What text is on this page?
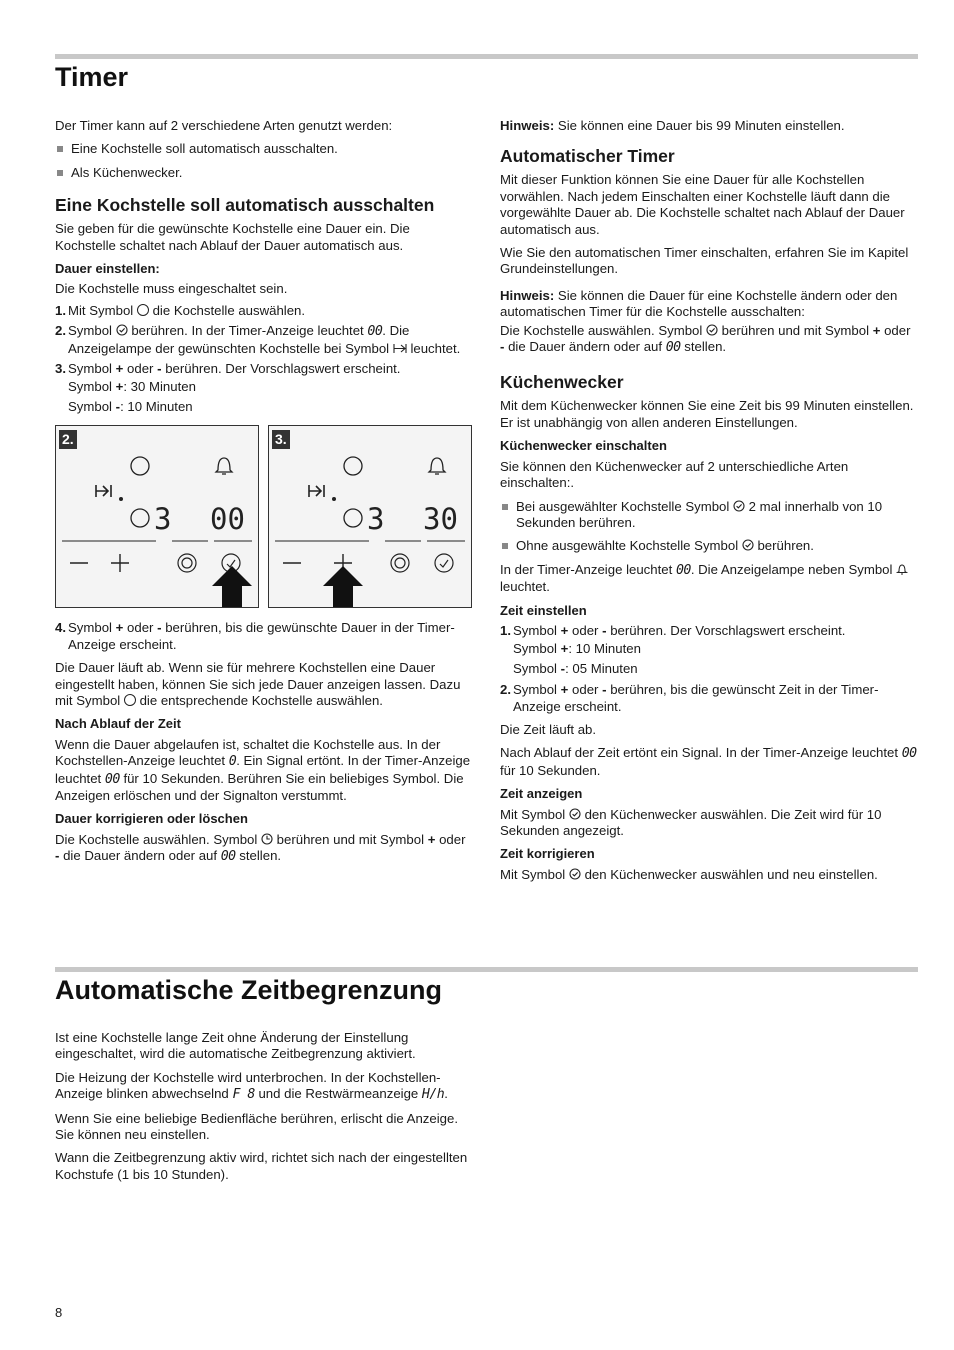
Timer

Der Timer kann auf 2 verschiedene Arten genutzt werden:

Eine Kochstelle soll automatisch ausschalten.
Als Küchenwecker.
Eine Kochstelle soll automatisch ausschalten

Sie geben für die gewünschte Kochstelle eine Dauer ein. Die Kochstelle schaltet nach Ablauf der Dauer automatisch aus.

Dauer einstellen:

Die Kochstelle muss eingeschaltet sein.

1. Mit Symbol die Kochstelle auswählen.
2. Symbol berühren. In der Timer-Anzeige leuchtet 00. Die Anzeigelampe der gewünschten Kochstelle bei Symbol leuchtet.
3. Symbol + oder - berühren. Der Vorschlagswert erscheint.
Symbol +: 30 Minuten
Symbol -: 10 Minuten
3 00
2.
3 30
3.
4. Symbol + oder - berühren, bis die gewünschte Dauer in der Timer-Anzeige erscheint.

Die Dauer läuft ab. Wenn sie für mehrere Kochstellen eine Dauer eingestellt haben, können Sie sich jede Dauer anzeigen lassen. Dazu mit Symbol die entsprechende Kochstelle auswählen.

Nach Ablauf der Zeit

Wenn die Dauer abgelaufen ist, schaltet die Kochstelle aus. In der Kochstellen-Anzeige leuchtet 0. Ein Signal ertönt. In der Timer-Anzeige leuchtet 00 für 10 Sekunden. Berühren Sie ein beliebiges Symbol. Die Anzeigen erlöschen und der Signalton verstummt.

Dauer korrigieren oder löschen

Die Kochstelle auswählen. Symbol berühren und mit Symbol + oder - die Dauer ändern oder auf 00 stellen.

Hinweis: Sie können eine Dauer bis 99 Minuten einstellen.

Automatischer Timer

Mit dieser Funktion können Sie eine Dauer für alle Kochstellen vorwählen. Nach jedem Einschalten einer Kochstelle läuft dann die vorgewählte Dauer ab. Die Kochstelle schaltet nach Ablauf der Dauer automatisch aus.

Wie Sie den automatischen Timer einschalten, erfahren Sie im Kapitel Grundeinstellungen.

Hinweis: Sie können die Dauer für eine Kochstelle ändern oder den automatischen Timer für die Kochstelle ausschalten:

Die Kochstelle auswählen. Symbol berühren und mit Symbol + oder - die Dauer ändern oder auf 00 stellen.

Küchenwecker

Mit dem Küchenwecker können Sie eine Zeit bis 99 Minuten einstellen. Er ist unabhängig von allen anderen Einstellungen.

Küchenwecker einschalten

Sie können den Küchenwecker auf 2 unterschiedliche Arten einschalten:.

Bei ausgewählter Kochstelle Symbol 2 mal innerhalb von 10 Sekunden berühren.
Ohne ausgewählte Kochstelle Symbol berühren.

In der Timer-Anzeige leuchtet 00. Die Anzeigelampe neben Symbol  leuchtet.

Zeit einstellen
1. Symbol + oder - berühren. Der Vorschlagswert erscheint.
Symbol +: 10 Minuten
Symbol -: 05 Minuten
2. Symbol + oder - berühren, bis die gewünscht Zeit in der Timer-Anzeige erscheint.

Die Zeit läuft ab.

Nach Ablauf der Zeit ertönt ein Signal. In der Timer-Anzeige leuchtet 00 für 10 Sekunden.

Zeit anzeigen

Mit Symbol den Küchenwecker auswählen. Die Zeit wird für 10 Sekunden angezeigt.

Zeit korrigieren

Mit Symbol den Küchenwecker auswählen und neu einstellen.

Automatische Zeitbegrenzung

Ist eine Kochstelle lange Zeit ohne Änderung der Einstellung eingeschaltet, wird die automatische Zeitbegrenzung aktiviert.

Die Heizung der Kochstelle wird unterbrochen. In der Kochstellen-Anzeige blinken abwechselnd F 8 und die Restwärmeanzeige H/h.

Wenn Sie eine beliebige Bedienfläche berühren, erlischt die Anzeige. Sie können neu einstellen.

Wann die Zeitbegrenzung aktiv wird, richtet sich nach der eingestellten Kochstufe (1 bis 10 Stunden).

8
